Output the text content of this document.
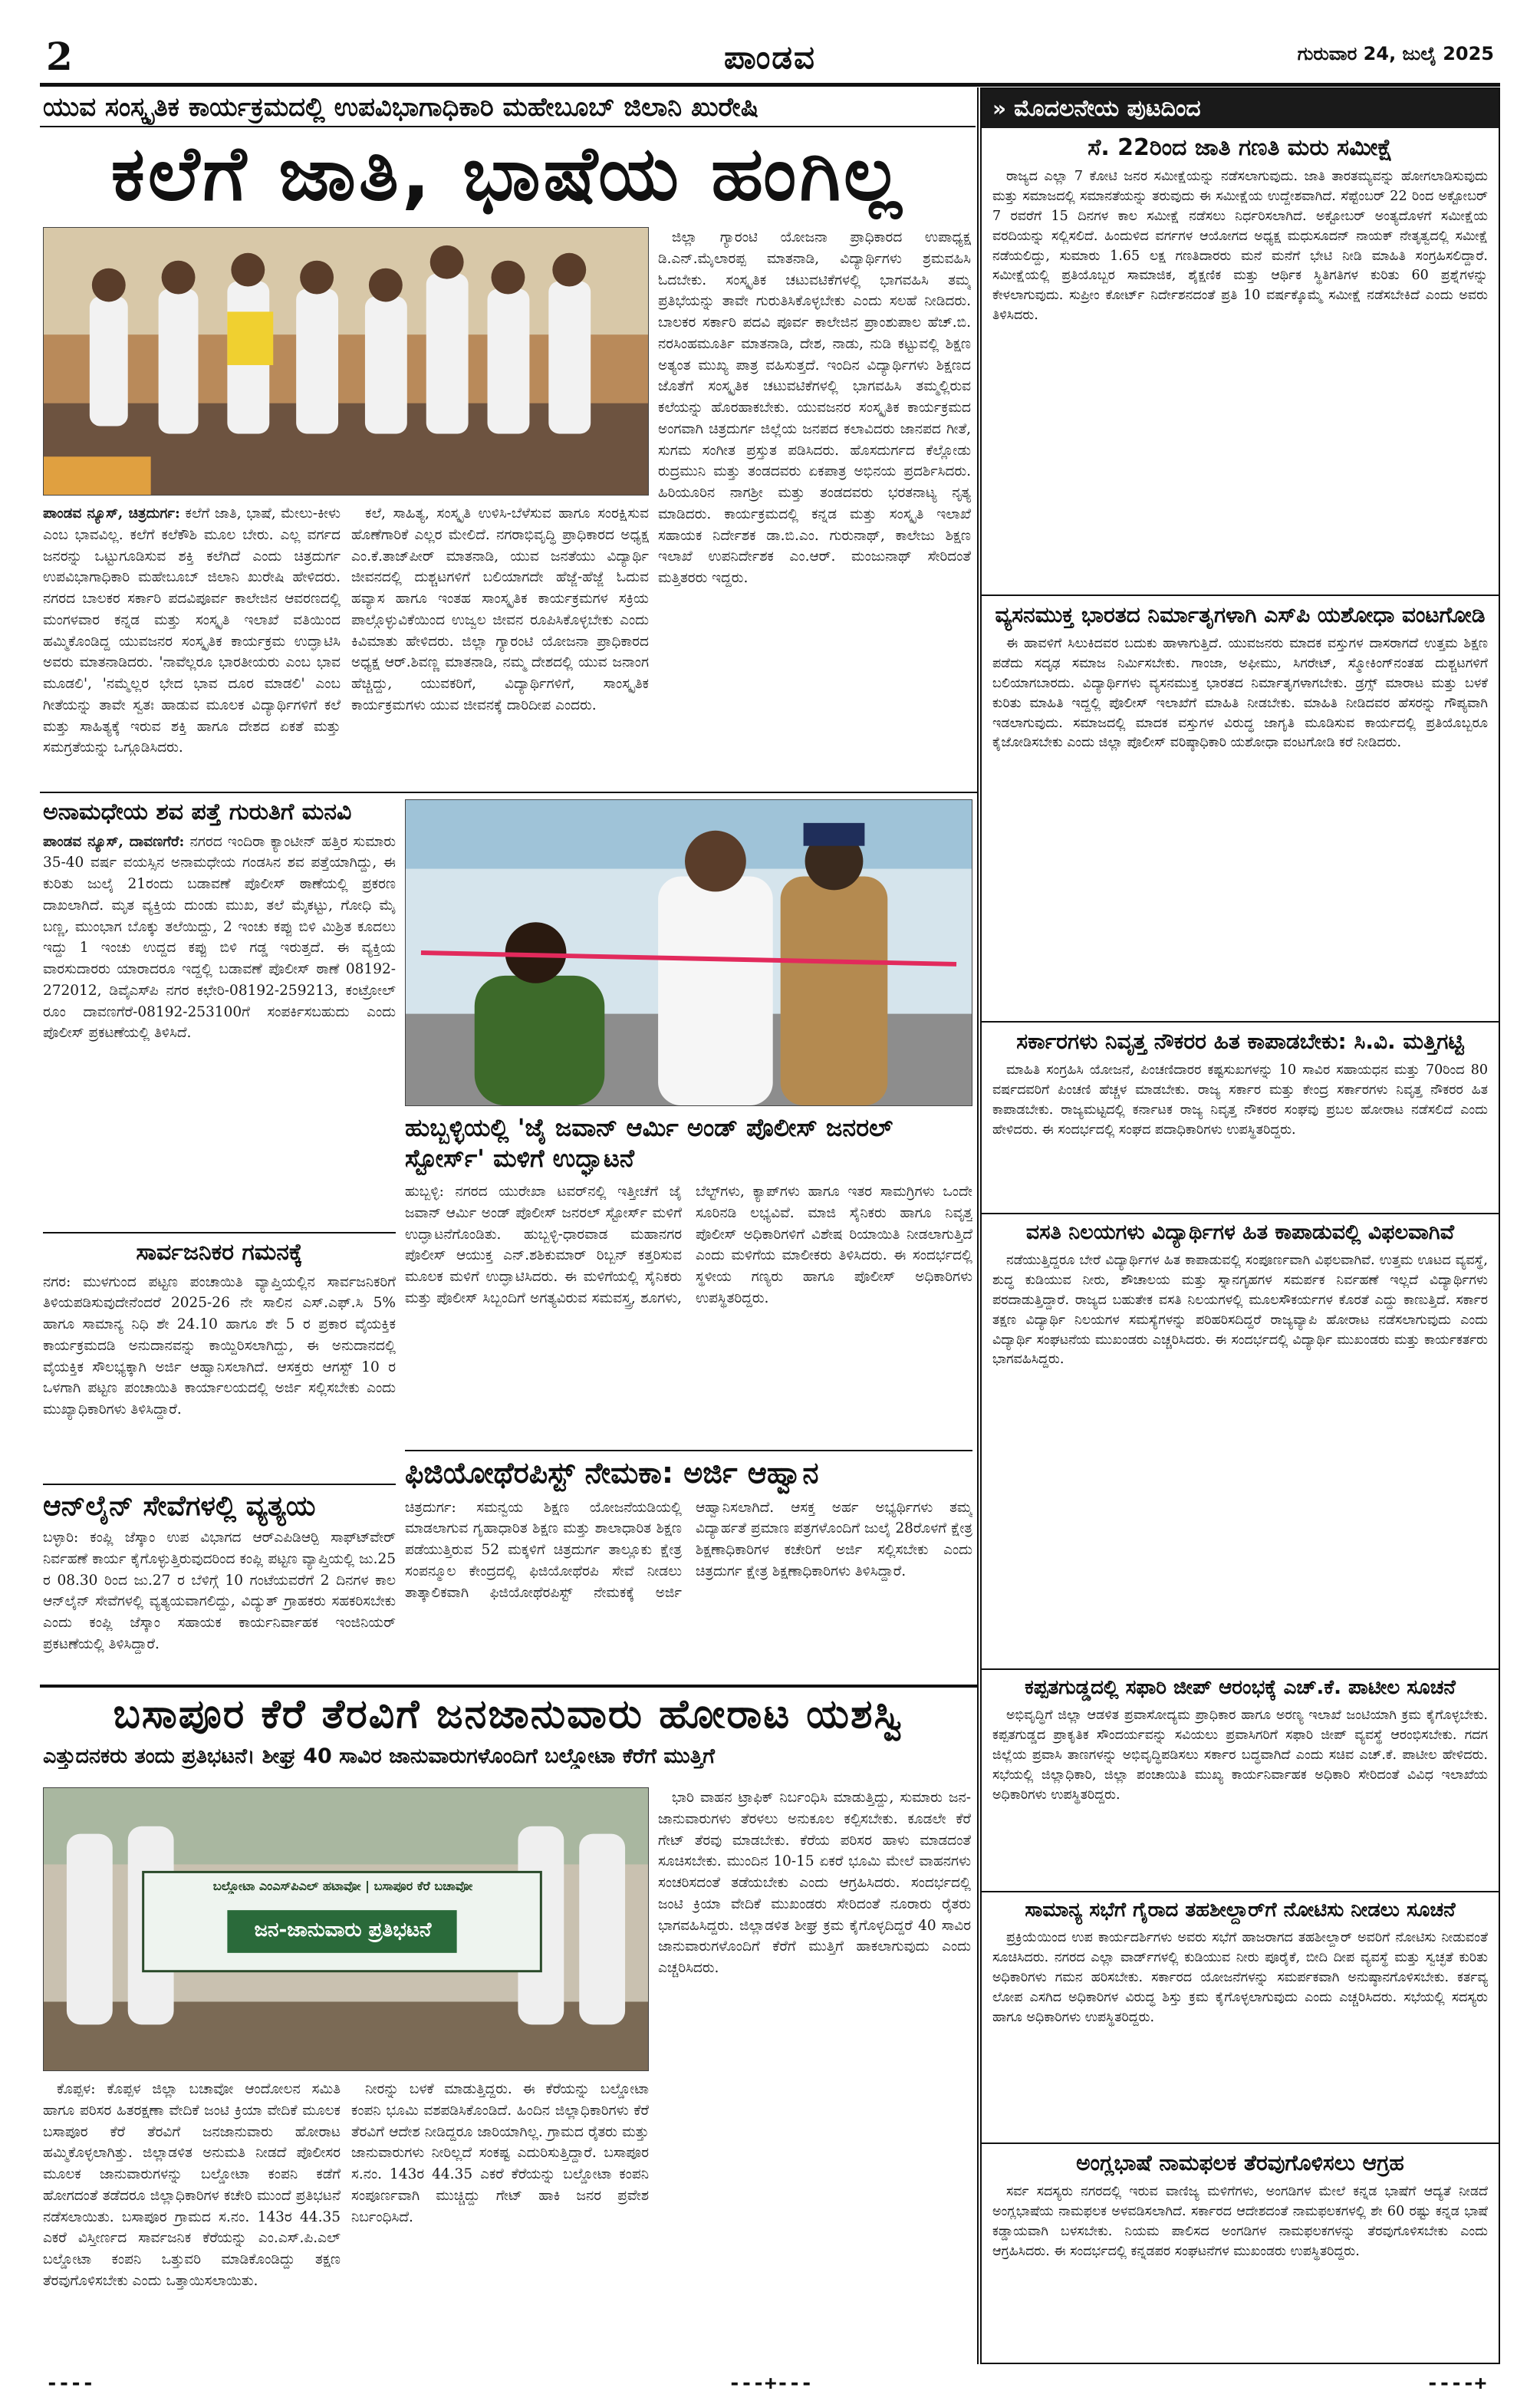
2	ಪಾಂಡವ	ಗುರುವಾರ 24, ಜುಲೈ 2025
ಯುವ ಸಂಸ್ಕೃತಿಕ ಕಾರ್ಯಕ್ರಮದಲ್ಲಿ ಉಪವಿಭಾಗಾಧಿಕಾರಿ ಮಹೇಬೂಬ್ ಜಿಲಾನಿ ಖುರೇಷಿ
ಕಲೆಗೆ ಜಾತಿ, ಭಾಷೆಯ ಹಂಗಿಲ್ಲ

ಜಿಲ್ಲಾ ಗ್ಯಾರಂಟಿ ಯೋಜನಾ ಪ್ರಾಧಿಕಾರದ ಉಪಾಧ್ಯಕ್ಷ ಡಿ.ಎನ್.ಮೈಲಾರಪ್ಪ ಮಾತನಾಡಿ, ವಿದ್ಯಾರ್ಥಿಗಳು ಶ್ರಮವಹಿಸಿ ಓದಬೇಕು. ಸಂಸ್ಕೃತಿಕ ಚಟುವಟಿಕೆಗಳಲ್ಲಿ ಭಾಗವಹಿಸಿ ತಮ್ಮ ಪ್ರತಿಭೆಯನ್ನು ತಾವೇ ಗುರುತಿಸಿಕೊಳ್ಳಬೇಕು ಎಂದು ಸಲಹೆ ನೀಡಿದರು. ಬಾಲಕರ ಸರ್ಕಾರಿ ಪದವಿ ಪೂರ್ವ ಕಾಲೇಜಿನ ಪ್ರಾಂಶುಪಾಲ ಹೆಚ್.ಬಿ. ನರಸಿಂಹಮೂರ್ತಿ ಮಾತನಾಡಿ, ದೇಶ, ನಾಡು, ನುಡಿ ಕಟ್ಟುವಲ್ಲಿ ಶಿಕ್ಷಣ ಅತ್ಯಂತ ಮುಖ್ಯ ಪಾತ್ರ ವಹಿಸುತ್ತದೆ. ಇಂದಿನ ವಿದ್ಯಾರ್ಥಿಗಳು ಶಿಕ್ಷಣದ ಜೊತೆಗೆ ಸಂಸ್ಕೃತಿಕ ಚಟುವಟಿಕೆಗಳಲ್ಲಿ ಭಾಗವಹಿಸಿ ತಮ್ಮಲ್ಲಿರುವ ಕಲೆಯನ್ನು ಹೊರಹಾಕಬೇಕು. ಯುವಜನರ ಸಂಸ್ಕೃತಿಕ ಕಾರ್ಯಕ್ರಮದ ಅಂಗವಾಗಿ ಚಿತ್ರದುರ್ಗ ಜಿಲ್ಲೆಯ ಜನಪದ ಕಲಾವಿದರು ಜಾನಪದ ಗೀತೆ, ಸುಗಮ ಸಂಗೀತ ಪ್ರಸ್ತುತ ಪಡಿಸಿದರು. ಹೊಸದುರ್ಗದ ಕೆಲ್ಲೋಡು ರುದ್ರಮುನಿ ಮತ್ತು ತಂಡದವರು ಏಕಪಾತ್ರ ಅಭಿನಯ ಪ್ರದರ್ಶಿಸಿದರು. ಹಿರಿಯೂರಿನ ನಾಗಶ್ರೀ ಮತ್ತು ತಂಡದವರು ಭರತನಾಟ್ಯ ನೃತ್ಯ ಮಾಡಿದರು. ಕಾರ್ಯಕ್ರಮದಲ್ಲಿ ಕನ್ನಡ ಮತ್ತು ಸಂಸ್ಕೃತಿ ಇಲಾಖೆ ಸಹಾಯಕ ನಿರ್ದೇಶಕ ಡಾ.ಬಿ.ಎಂ. ಗುರುನಾಥ್, ಕಾಲೇಜು ಶಿಕ್ಷಣ ಇಲಾಖೆ ಉಪನಿರ್ದೇಶಕ ಎಂ.ಆರ್. ಮಂಜುನಾಥ್ ಸೇರಿದಂತೆ ಮತ್ತಿತರರು ಇದ್ದರು.

ಪಾಂಡವ ನ್ಯೂಸ್, ಚಿತ್ರದುರ್ಗ: ಕಲೆಗೆ ಜಾತಿ, ಭಾಷೆ, ಮೇಲು-ಕೀಳು ಎಂಬ ಭಾವವಿಲ್ಲ. ಕಲೆಗೆ ಕಲೆಕೌಶಿ ಮೂಲ ಬೇರು. ಎಲ್ಲ ವರ್ಗದ ಜನರನ್ನು ಒಟ್ಟುಗೂಡಿಸುವ ಶಕ್ತಿ ಕಲೆಗಿದೆ ಎಂದು ಚಿತ್ರದುರ್ಗ ಉಪವಿಭಾಗಾಧಿಕಾರಿ ಮಹೇಬೂಬ್ ಜಿಲಾನಿ ಖುರೇಷಿ ಹೇಳಿದರು. ನಗರದ ಬಾಲಕರ ಸರ್ಕಾರಿ ಪದವಿಪೂರ್ವ ಕಾಲೇಜಿನ ಆವರಣದಲ್ಲಿ ಮಂಗಳವಾರ ಕನ್ನಡ ಮತ್ತು ಸಂಸ್ಕೃತಿ ಇಲಾಖೆ ವತಿಯಿಂದ ಹಮ್ಮಿಕೊಂಡಿದ್ದ ಯುವಜನರ ಸಂಸ್ಕೃತಿಕ ಕಾರ್ಯಕ್ರಮ ಉದ್ಘಾಟಿಸಿ ಅವರು ಮಾತನಾಡಿದರು. 'ನಾವೆಲ್ಲರೂ ಭಾರತೀಯರು ಎಂಬ ಭಾವ ಮೂಡಲಿ', 'ನಮ್ಮೆಲ್ಲರ ಭೇದ ಭಾವ ದೂರ ಮಾಡಲಿ' ಎಂಬ ಗೀತೆಯನ್ನು ತಾವೇ ಸ್ವತಃ ಹಾಡುವ ಮೂಲಕ ವಿದ್ಯಾರ್ಥಿಗಳಿಗೆ ಕಲೆ ಮತ್ತು ಸಾಹಿತ್ಯಕ್ಕೆ ಇರುವ ಶಕ್ತಿ ಹಾಗೂ ದೇಶದ ಏಕತೆ ಮತ್ತು ಸಮಗ್ರತೆಯನ್ನು ಒಗ್ಗೂಡಿಸಿದರು.

ಕಲೆ, ಸಾಹಿತ್ಯ, ಸಂಸ್ಕೃತಿ ಉಳಿಸಿ-ಬೆಳೆಸುವ ಹಾಗೂ ಸಂರಕ್ಷಿಸುವ ಹೊಣೆಗಾರಿಕೆ ಎಲ್ಲರ ಮೇಲಿದೆ. ನಗರಾಭಿವೃದ್ಧಿ ಪ್ರಾಧಿಕಾರದ ಅಧ್ಯಕ್ಷ ಎಂ.ಕೆ.ತಾಜ್‌ಪೀರ್ ಮಾತನಾಡಿ, ಯುವ ಜನತೆಯು ವಿದ್ಯಾರ್ಥಿ ಜೀವನದಲ್ಲಿ ದುಶ್ಚಟಗಳಿಗೆ ಬಲಿಯಾಗದೇ ಹೆಜ್ಜೆ-ಹೆಜ್ಜೆ ಓದುವ ಹವ್ಯಾಸ ಹಾಗೂ ಇಂತಹ ಸಾಂಸ್ಕೃತಿಕ ಕಾರ್ಯಕ್ರಮಗಳ ಸಕ್ರಿಯ ಪಾಲ್ಗೊಳ್ಳುವಿಕೆಯಿಂದ ಉಜ್ವಲ ಜೀವನ ರೂಪಿಸಿಕೊಳ್ಳಬೇಕು ಎಂದು ಕಿವಿಮಾತು ಹೇಳಿದರು. ಜಿಲ್ಲಾ ಗ್ಯಾರಂಟಿ ಯೋಜನಾ ಪ್ರಾಧಿಕಾರದ ಅಧ್ಯಕ್ಷ ಆರ್.ಶಿವಣ್ಣ ಮಾತನಾಡಿ, ನಮ್ಮ ದೇಶದಲ್ಲಿ ಯುವ ಜನಾಂಗ ಹೆಚ್ಚಿದ್ದು, ಯುವಕರಿಗೆ, ವಿದ್ಯಾರ್ಥಿಗಳಿಗೆ, ಸಾಂಸ್ಕೃತಿಕ ಕಾರ್ಯಕ್ರಮಗಳು ಯುವ ಜೀವನಕ್ಕೆ ದಾರಿದೀಪ ಎಂದರು.

ಅನಾಮಧೇಯ ಶವ ಪತ್ತೆ ಗುರುತಿಗೆ ಮನವಿ
ಪಾಂಡವ ನ್ಯೂಸ್, ದಾವಣಗೆರೆ: ನಗರದ ಇಂದಿರಾ ಕ್ಯಾಂಟೀನ್ ಹತ್ತಿರ ಸುಮಾರು 35-40 ವರ್ಷ ವಯಸ್ಸಿನ ಅನಾಮಧೇಯ ಗಂಡಸಿನ ಶವ ಪತ್ತೆಯಾಗಿದ್ದು, ಈ ಕುರಿತು ಜುಲೈ 21ರಂದು ಬಡಾವಣೆ ಪೊಲೀಸ್ ಠಾಣೆಯಲ್ಲಿ ಪ್ರಕರಣ ದಾಖಲಾಗಿದೆ. ಮೃತ ವ್ಯಕ್ತಿಯ ದುಂಡು ಮುಖ, ತಲೆ ಮೈಕಟ್ಟು, ಗೋಧಿ ಮೈ ಬಣ್ಣ, ಮುಂಭಾಗ ಬೊಕ್ಕು ತಲೆಯಿದ್ದು, 2 ಇಂಚು ಕಪ್ಪು ಬಿಳಿ ಮಿಶ್ರಿತ ಕೂದಲು ಇದ್ದು 1 ಇಂಚು ಉದ್ದದ ಕಪ್ಪು ಬಿಳಿ ಗಡ್ಡ ಇರುತ್ತದೆ. ಈ ವ್ಯಕ್ತಿಯ ವಾರಸುದಾರರು ಯಾರಾದರೂ ಇದ್ದಲ್ಲಿ ಬಡಾವಣೆ ಪೊಲೀಸ್ ಠಾಣೆ 08192-272012, ಡಿವೈಎಸ್‍ಪಿ ನಗರ ಕಛೇರಿ-08192-259213, ಕಂಟ್ರೋಲ್ ರೂಂ ದಾವಣಗೆರೆ-08192-253100ಗೆ ಸಂಪರ್ಕಿಸಬಹುದು ಎಂದು ಪೊಲೀಸ್ ಪ್ರಕಟಣೆಯಲ್ಲಿ ತಿಳಿಸಿದೆ.
ಸಾರ್ವಜನಿಕರ ಗಮನಕ್ಕೆ
ನಗರ: ಮುಳಗುಂದ ಪಟ್ಟಣ ಪಂಚಾಯಿತಿ ವ್ಯಾಪ್ತಿಯಲ್ಲಿನ ಸಾರ್ವಜನಿಕರಿಗೆ ತಿಳಿಯಪಡಿಸುವುದೇನೆಂದರೆ 2025-26 ನೇ ಸಾಲಿನ ಎಸ್.ಎಫ್.ಸಿ 5% ಹಾಗೂ ಸಾಮಾನ್ಯ ನಿಧಿ ಶೇ 24.10 ಹಾಗೂ ಶೇ 5 ರ ಪ್ರಕಾರ ವೈಯಕ್ತಿಕ ಕಾರ್ಯಕ್ರಮದಡಿ ಅನುದಾನವನ್ನು ಕಾಯ್ದಿರಿಸಲಾಗಿದ್ದು, ಈ ಅನುದಾನದಲ್ಲಿ ವೈಯಕ್ತಿಕ ಸೌಲಭ್ಯಕ್ಕಾಗಿ ಅರ್ಜಿ ಆಹ್ವಾನಿಸಲಾಗಿದೆ. ಆಸಕ್ತರು ಆಗಸ್ಟ್ 10 ರ ಒಳಗಾಗಿ ಪಟ್ಟಣ ಪಂಚಾಯಿತಿ ಕಾರ್ಯಾಲಯದಲ್ಲಿ ಅರ್ಜಿ ಸಲ್ಲಿಸಬೇಕು ಎಂದು ಮುಖ್ಯಾಧಿಕಾರಿಗಳು ತಿಳಿಸಿದ್ದಾರೆ.
ಆನ್‌ಲೈನ್ ಸೇವೆಗಳಲ್ಲಿ ವ್ಯತ್ಯಯ
ಬಳ್ಳಾರಿ: ಕಂಪ್ಲಿ ಜೆಸ್ಕಾಂ ಉಪ ವಿಭಾಗದ ಆರ್‍ಎಪಿಡಿಆರ್‍ಪಿ ಸಾಫ್ಟ್‍ವೇರ್ ನಿರ್ವಹಣೆ ಕಾರ್ಯ ಕೈಗೊಳ್ಳುತ್ತಿರುವುದರಿಂದ ಕಂಪ್ಲಿ ಪಟ್ಟಣ ವ್ಯಾಪ್ತಿಯಲ್ಲಿ ಜು.25 ರ 08.30 ರಿಂದ ಜು.27 ರ ಬೆಳಿಗ್ಗೆ 10 ಗಂಟೆಯವರೆಗೆ 2 ದಿನಗಳ ಕಾಲ ಆನ್‌ಲೈನ್ ಸೇವೆಗಳಲ್ಲಿ ವ್ಯತ್ಯಯವಾಗಲಿದ್ದು, ವಿದ್ಯುತ್ ಗ್ರಾಹಕರು ಸಹಕರಿಸಬೇಕು ಎಂದು ಕಂಪ್ಲಿ ಜೆಸ್ಕಾಂ ಸಹಾಯಕ ಕಾರ್ಯನಿರ್ವಾಹಕ ಇಂಜಿನಿಯರ್ ಪ್ರಕಟಣೆಯಲ್ಲಿ ತಿಳಿಸಿದ್ದಾರೆ.
ಹುಬ್ಬಳ್ಳಿಯಲ್ಲಿ 'ಜೈ ಜವಾನ್ ಆರ್ಮಿ ಅಂಡ್ ಪೊಲೀಸ್ ಜನರಲ್ ಸ್ಟೋರ್ಸ್' ಮಳಿಗೆ ಉದ್ಘಾಟನೆ
ಹುಬ್ಬಳ್ಳಿ: ನಗರದ ಯುರೇಖಾ ಟವರ್‌ನಲ್ಲಿ ಇತ್ತೀಚೆಗೆ ಜೈ ಜವಾನ್ ಆರ್ಮಿ ಅಂಡ್ ಪೊಲೀಸ್ ಜನರಲ್ ಸ್ಟೋರ್ಸ್ ಮಳಿಗೆ ಉದ್ಘಾಟನೆಗೊಂಡಿತು. ಹುಬ್ಬಳ್ಳಿ-ಧಾರವಾಡ ಮಹಾನಗರ ಪೊಲೀಸ್ ಆಯುಕ್ತ ಎನ್.ಶಶಿಕುಮಾರ್ ರಿಬ್ಬನ್ ಕತ್ತರಿಸುವ ಮೂಲಕ ಮಳಿಗೆ ಉದ್ಘಾಟಿಸಿದರು. ಈ ಮಳಿಗೆಯಲ್ಲಿ ಸೈನಿಕರು ಮತ್ತು ಪೊಲೀಸ್ ಸಿಬ್ಬಂದಿಗೆ ಅಗತ್ಯವಿರುವ ಸಮವಸ್ತ್ರ, ಶೂಗಳು, ಬೆಲ್ಟ್‌ಗಳು, ಕ್ಯಾಪ್‌ಗಳು ಹಾಗೂ ಇತರ ಸಾಮಗ್ರಿಗಳು ಒಂದೇ ಸೂರಿನಡಿ ಲಭ್ಯವಿವೆ. ಮಾಜಿ ಸೈನಿಕರು ಹಾಗೂ ನಿವೃತ್ತ ಪೊಲೀಸ್ ಅಧಿಕಾರಿಗಳಿಗೆ ವಿಶೇಷ ರಿಯಾಯಿತಿ ನೀಡಲಾಗುತ್ತಿದೆ ಎಂದು ಮಳಿಗೆಯ ಮಾಲೀಕರು ತಿಳಿಸಿದರು. ಈ ಸಂದರ್ಭದಲ್ಲಿ ಸ್ಥಳೀಯ ಗಣ್ಯರು ಹಾಗೂ ಪೊಲೀಸ್ ಅಧಿಕಾರಿಗಳು ಉಪಸ್ಥಿತರಿದ್ದರು.
ಫಿಜಿಯೋಥೆರಪಿಸ್ಟ್ ನೇಮಕಾ: ಅರ್ಜಿ ಆಹ್ವಾನ
ಚಿತ್ರದುರ್ಗ: ಸಮನ್ವಯ ಶಿಕ್ಷಣ ಯೋಜನೆಯಡಿಯಲ್ಲಿ ಮಾಡಲಾಗುವ ಗೃಹಾಧಾರಿತ ಶಿಕ್ಷಣ ಮತ್ತು ಶಾಲಾಧಾರಿತ ಶಿಕ್ಷಣ ಪಡೆಯುತ್ತಿರುವ 52 ಮಕ್ಕಳಿಗೆ ಚಿತ್ರದುರ್ಗ ತಾಲ್ಲೂಕು ಕ್ಷೇತ್ರ ಸಂಪನ್ಮೂಲ ಕೇಂದ್ರದಲ್ಲಿ ಫಿಜಿಯೋಥೆರಪಿ ಸೇವೆ ನೀಡಲು ತಾತ್ಕಾಲಿಕವಾಗಿ ಫಿಜಿಯೋಥೆರಪಿಸ್ಟ್ ನೇಮಕಕ್ಕೆ ಅರ್ಜಿ ಆಹ್ವಾನಿಸಲಾಗಿದೆ. ಆಸಕ್ತ ಅರ್ಹ ಅಭ್ಯರ್ಥಿಗಳು ತಮ್ಮ ವಿದ್ಯಾರ್ಹತೆ ಪ್ರಮಾಣ ಪತ್ರಗಳೊಂದಿಗೆ ಜುಲೈ 28ರೊಳಗೆ ಕ್ಷೇತ್ರ ಶಿಕ್ಷಣಾಧಿಕಾರಿಗಳ ಕಚೇರಿಗೆ ಅರ್ಜಿ ಸಲ್ಲಿಸಬೇಕು ಎಂದು ಚಿತ್ರದುರ್ಗ ಕ್ಷೇತ್ರ ಶಿಕ್ಷಣಾಧಿಕಾರಿಗಳು ತಿಳಿಸಿದ್ದಾರೆ.
ಬಸಾಪೂರ ಕೆರೆ ತೆರವಿಗೆ ಜನಜಾನುವಾರು ಹೋರಾಟ ಯಶಸ್ವಿ
ಎತ್ತುದನಕರು ತಂದು ಪ್ರತಿಭಟನೆ। ಶೀಘ್ರ 40 ಸಾವಿರ ಜಾನುವಾರುಗಳೊಂದಿಗೆ ಬಲ್ಡೋಟಾ ಕೆರೆಗೆ ಮುತ್ತಿಗೆ
ಬಲ್ಡೋಟಾ ಎಂಎಸ್‌ಪಿಎಲ್ ಹಟಾವೋ | ಬಸಾಪೂರ ಕೆರೆ ಬಚಾವೋ
ಜನ-ಜಾನುವಾರು ಪ್ರತಿಭಟನೆ

ಭಾರಿ ವಾಹನ ಟ್ರಾಫಿಕ್ ನಿರ್ಬಂಧಿಸಿ ಮಾಡುತ್ತಿದ್ದು, ಸುಮಾರು ಜನ-ಜಾನುವಾರುಗಳು ತೆರಳಲು ಅನುಕೂಲ ಕಲ್ಪಿಸಬೇಕು. ಕೂಡಲೇ ಕೆರೆ ಗೇಟ್ ತೆರವು ಮಾಡಬೇಕು. ಕೆರೆಯ ಪರಿಸರ ಹಾಳು ಮಾಡದಂತೆ ಸೂಚಿಸಬೇಕು. ಮುಂದಿನ 10-15 ಏಕರೆ ಭೂಮಿ ಮೇಲೆ ವಾಹನಗಳು ಸಂಚರಿಸದಂತೆ ತಡೆಯಬೇಕು ಎಂದು ಆಗ್ರಹಿಸಿದರು. ಸಂದರ್ಭದಲ್ಲಿ ಜಂಟಿ ಕ್ರಿಯಾ ವೇದಿಕೆ ಮುಖಂಡರು ಸೇರಿದಂತೆ ನೂರಾರು ರೈತರು ಭಾಗವಹಿಸಿದ್ದರು. ಜಿಲ್ಲಾಡಳಿತ ಶೀಘ್ರ ಕ್ರಮ ಕೈಗೊಳ್ಳದಿದ್ದರೆ 40 ಸಾವಿರ ಜಾನುವಾರುಗಳೊಂದಿಗೆ ಕೆರೆಗೆ ಮುತ್ತಿಗೆ ಹಾಕಲಾಗುವುದು ಎಂದು ಎಚ್ಚರಿಸಿದರು.

ಕೊಪ್ಪಳ: ಕೊಪ್ಪಳ ಜಿಲ್ಲಾ ಬಚಾವೋ ಆಂದೋಲನ ಸಮಿತಿ ಹಾಗೂ ಪರಿಸರ ಹಿತರಕ್ಷಣಾ ವೇದಿಕೆ ಜಂಟಿ ಕ್ರಿಯಾ ವೇದಿಕೆ ಮೂಲಕ ಬಸಾಪೂರ ಕೆರೆ ತೆರವಿಗೆ ಜನಜಾನುವಾರು ಹೋರಾಟ ಹಮ್ಮಿಕೊಳ್ಳಲಾಗಿತ್ತು. ಜಿಲ್ಲಾಡಳಿತ ಅನುಮತಿ ನೀಡದೆ ಪೊಲೀಸರ ಮೂಲಕ ಜಾನುವಾರುಗಳನ್ನು ಬಲ್ಡೋಟಾ ಕಂಪನಿ ಕಡೆಗೆ ಹೋಗದಂತೆ ತಡೆದರೂ ಜಿಲ್ಲಾಧಿಕಾರಿಗಳ ಕಚೇರಿ ಮುಂದೆ ಪ್ರತಿಭಟನೆ ನಡೆಸಲಾಯಿತು. ಬಸಾಪೂರ ಗ್ರಾಮದ ಸ.ನಂ. 143ರ 44.35 ಎಕರೆ ವಿಸ್ತೀರ್ಣದ ಸಾರ್ವಜನಿಕ ಕೆರೆಯನ್ನು ಎಂ.ಎಸ್.ಪಿ.ಎಲ್ ಬಲ್ಡೋಟಾ ಕಂಪನಿ ಒತ್ತುವರಿ ಮಾಡಿಕೊಂಡಿದ್ದು ತಕ್ಷಣ ತೆರವುಗೊಳಿಸಬೇಕು ಎಂದು ಒತ್ತಾಯಿಸಲಾಯಿತು.

ನೀರನ್ನು ಬಳಕೆ ಮಾಡುತ್ತಿದ್ದರು. ಈ ಕೆರೆಯನ್ನು ಬಲ್ಡೋಟಾ ಕಂಪನಿ ಭೂಮಿ ವಶಪಡಿಸಿಕೊಂಡಿದೆ. ಹಿಂದಿನ ಜಿಲ್ಲಾಧಿಕಾರಿಗಳು ಕೆರೆ ತೆರವಿಗೆ ಆದೇಶ ನೀಡಿದ್ದರೂ ಜಾರಿಯಾಗಿಲ್ಲ. ಗ್ರಾಮದ ರೈತರು ಮತ್ತು ಜಾನುವಾರುಗಳು ನೀರಿಲ್ಲದೆ ಸಂಕಷ್ಟ ಎದುರಿಸುತ್ತಿದ್ದಾರೆ. ಬಸಾಪೂರ ಸ.ನಂ. 143ರ 44.35 ಎಕರೆ ಕೆರೆಯನ್ನು ಬಲ್ಡೋಟಾ ಕಂಪನಿ ಸಂಪೂರ್ಣವಾಗಿ ಮುಚ್ಚಿದ್ದು ಗೇಟ್ ಹಾಕಿ ಜನರ ಪ್ರವೇಶ ನಿರ್ಬಂಧಿಸಿದೆ.

» ಮೊದಲನೇಯ ಪುಟದಿಂದ
ಸೆ. 22ರಿಂದ ಜಾತಿ ಗಣತಿ ಮರು ಸಮೀಕ್ಷೆ

ರಾಜ್ಯದ ಎಲ್ಲಾ 7 ಕೋಟಿ ಜನರ ಸಮೀಕ್ಷೆಯನ್ನು ನಡೆಸಲಾಗುವುದು. ಜಾತಿ ತಾರತಮ್ಯವನ್ನು ಹೋಗಲಾಡಿಸುವುದು ಮತ್ತು ಸಮಾಜದಲ್ಲಿ ಸಮಾನತೆಯನ್ನು ತರುವುದು ಈ ಸಮೀಕ್ಷೆಯ ಉದ್ದೇಶವಾಗಿದೆ. ಸೆಪ್ಟೆಂಬರ್ 22 ರಿಂದ ಅಕ್ಟೋಬರ್ 7 ರವರೆಗೆ 15 ದಿನಗಳ ಕಾಲ ಸಮೀಕ್ಷೆ ನಡೆಸಲು ನಿರ್ಧರಿಸಲಾಗಿದೆ. ಅಕ್ಟೋಬರ್ ಅಂತ್ಯದೊಳಗೆ ಸಮೀಕ್ಷೆಯ ವರದಿಯನ್ನು ಸಲ್ಲಿಸಲಿದೆ. ಹಿಂದುಳಿದ ವರ್ಗಗಳ ಆಯೋಗದ ಅಧ್ಯಕ್ಷ ಮಧುಸೂದನ್ ನಾಯಕ್ ನೇತೃತ್ವದಲ್ಲಿ ಸಮೀಕ್ಷೆ ನಡೆಯಲಿದ್ದು, ಸುಮಾರು 1.65 ಲಕ್ಷ ಗಣತಿದಾರರು ಮನೆ ಮನೆಗೆ ಭೇಟಿ ನೀಡಿ ಮಾಹಿತಿ ಸಂಗ್ರಹಿಸಲಿದ್ದಾರೆ. ಸಮೀಕ್ಷೆಯಲ್ಲಿ ಪ್ರತಿಯೊಬ್ಬರ ಸಾಮಾಜಿಕ, ಶೈಕ್ಷಣಿಕ ಮತ್ತು ಆರ್ಥಿಕ ಸ್ಥಿತಿಗತಿಗಳ ಕುರಿತು 60 ಪ್ರಶ್ನೆಗಳನ್ನು ಕೇಳಲಾಗುವುದು. ಸುಪ್ರೀಂ ಕೋರ್ಟ್ ನಿರ್ದೇಶನದಂತೆ ಪ್ರತಿ 10 ವರ್ಷಕ್ಕೊಮ್ಮೆ ಸಮೀಕ್ಷೆ ನಡೆಸಬೇಕಿದೆ ಎಂದು ಅವರು ತಿಳಿಸಿದರು.

ವ್ಯಸನಮುಕ್ತ ಭಾರತದ ನಿರ್ಮಾತೃಗಳಾಗಿ ಎಸ್‌ಪಿ ಯಶೋಧಾ ವಂಟಗೋಡಿ

ಈ ಹಾವಳಿಗೆ ಸಿಲುಕಿದವರ ಬದುಕು ಹಾಳಾಗುತ್ತಿದೆ. ಯುವಜನರು ಮಾದಕ ವಸ್ತುಗಳ ದಾಸರಾಗದೆ ಉತ್ತಮ ಶಿಕ್ಷಣ ಪಡೆದು ಸದೃಢ ಸಮಾಜ ನಿರ್ಮಿಸಬೇಕು. ಗಾಂಜಾ, ಅಫೀಮು, ಸಿಗರೇಟ್, ಸ್ಮೋಕಿಂಗ್‌ನಂತಹ ದುಶ್ಚಟಗಳಿಗೆ ಬಲಿಯಾಗಬಾರದು. ವಿದ್ಯಾರ್ಥಿಗಳು ವ್ಯಸನಮುಕ್ತ ಭಾರತದ ನಿರ್ಮಾತೃಗಳಾಗಬೇಕು. ಡ್ರಗ್ಸ್ ಮಾರಾಟ ಮತ್ತು ಬಳಕೆ ಕುರಿತು ಮಾಹಿತಿ ಇದ್ದಲ್ಲಿ ಪೊಲೀಸ್ ಇಲಾಖೆಗೆ ಮಾಹಿತಿ ನೀಡಬೇಕು. ಮಾಹಿತಿ ನೀಡಿದವರ ಹೆಸರನ್ನು ಗೌಪ್ಯವಾಗಿ ಇಡಲಾಗುವುದು. ಸಮಾಜದಲ್ಲಿ ಮಾದಕ ವಸ್ತುಗಳ ವಿರುದ್ಧ ಜಾಗೃತಿ ಮೂಡಿಸುವ ಕಾರ್ಯದಲ್ಲಿ ಪ್ರತಿಯೊಬ್ಬರೂ ಕೈಜೋಡಿಸಬೇಕು ಎಂದು ಜಿಲ್ಲಾ ಪೊಲೀಸ್ ವರಿಷ್ಠಾಧಿಕಾರಿ ಯಶೋಧಾ ವಂಟಗೋಡಿ ಕರೆ ನೀಡಿದರು.

ಸರ್ಕಾರಗಳು ನಿವೃತ್ತ ನೌಕರರ ಹಿತ ಕಾಪಾಡಬೇಕು: ಸಿ.ವಿ. ಮತ್ತಿಗಟ್ಟಿ

ಮಾಹಿತಿ ಸಂಗ್ರಹಿಸಿ ಯೋಜನೆ, ಪಿಂಚಣಿದಾರರ ಕಷ್ಟಸುಖಗಳನ್ನು 10 ಸಾವಿರ ಸಹಾಯಧನ ಮತ್ತು 70ರಿಂದ 80 ವರ್ಷದವರಿಗೆ ಪಿಂಚಣಿ ಹೆಚ್ಚಳ ಮಾಡಬೇಕು. ರಾಜ್ಯ ಸರ್ಕಾರ ಮತ್ತು ಕೇಂದ್ರ ಸರ್ಕಾರಗಳು ನಿವೃತ್ತ ನೌಕರರ ಹಿತ ಕಾಪಾಡಬೇಕು. ರಾಜ್ಯಮಟ್ಟದಲ್ಲಿ ಕರ್ನಾಟಕ ರಾಜ್ಯ ನಿವೃತ್ತ ನೌಕರರ ಸಂಘವು ಪ್ರಬಲ ಹೋರಾಟ ನಡೆಸಲಿದೆ ಎಂದು ಹೇಳಿದರು. ಈ ಸಂದರ್ಭದಲ್ಲಿ ಸಂಘದ ಪದಾಧಿಕಾರಿಗಳು ಉಪಸ್ಥಿತರಿದ್ದರು.

ವಸತಿ ನಿಲಯಗಳು ವಿದ್ಯಾರ್ಥಿಗಳ ಹಿತ ಕಾಪಾಡುವಲ್ಲಿ ವಿಫಲವಾಗಿವೆ

ನಡೆಯುತ್ತಿದ್ದರೂ ಬೇರೆ ವಿದ್ಯಾರ್ಥಿಗಳ ಹಿತ ಕಾಪಾಡುವಲ್ಲಿ ಸಂಪೂರ್ಣವಾಗಿ ವಿಫಲವಾಗಿವೆ. ಉತ್ತಮ ಊಟದ ವ್ಯವಸ್ಥೆ, ಶುದ್ಧ ಕುಡಿಯುವ ನೀರು, ಶೌಚಾಲಯ ಮತ್ತು ಸ್ನಾನಗೃಹಗಳ ಸಮರ್ಪಕ ನಿರ್ವಹಣೆ ಇಲ್ಲದೆ ವಿದ್ಯಾರ್ಥಿಗಳು ಪರದಾಡುತ್ತಿದ್ದಾರೆ. ರಾಜ್ಯದ ಬಹುತೇಕ ವಸತಿ ನಿಲಯಗಳಲ್ಲಿ ಮೂಲಸೌಕರ್ಯಗಳ ಕೊರತೆ ಎದ್ದು ಕಾಣುತ್ತಿದೆ. ಸರ್ಕಾರ ತಕ್ಷಣ ವಿದ್ಯಾರ್ಥಿ ನಿಲಯಗಳ ಸಮಸ್ಯೆಗಳನ್ನು ಪರಿಹರಿಸದಿದ್ದರೆ ರಾಜ್ಯವ್ಯಾಪಿ ಹೋರಾಟ ನಡೆಸಲಾಗುವುದು ಎಂದು ವಿದ್ಯಾರ್ಥಿ ಸಂಘಟನೆಯ ಮುಖಂಡರು ಎಚ್ಚರಿಸಿದರು. ಈ ಸಂದರ್ಭದಲ್ಲಿ ವಿದ್ಯಾರ್ಥಿ ಮುಖಂಡರು ಮತ್ತು ಕಾರ್ಯಕರ್ತರು ಭಾಗವಹಿಸಿದ್ದರು.

ಕಪ್ಪತಗುಡ್ಡದಲ್ಲಿ ಸಫಾರಿ ಜೀಪ್ ಆರಂಭಕ್ಕೆ ಎಚ್.ಕೆ. ಪಾಟೀಲ ಸೂಚನೆ

ಅಭಿವೃದ್ಧಿಗೆ ಜಿಲ್ಲಾ ಆಡಳಿತ ಪ್ರವಾಸೋದ್ಯಮ ಪ್ರಾಧಿಕಾರ ಹಾಗೂ ಅರಣ್ಯ ಇಲಾಖೆ ಜಂಟಿಯಾಗಿ ಕ್ರಮ ಕೈಗೊಳ್ಳಬೇಕು. ಕಪ್ಪತಗುಡ್ಡದ ಪ್ರಾಕೃತಿಕ ಸೌಂದರ್ಯವನ್ನು ಸವಿಯಲು ಪ್ರವಾಸಿಗರಿಗೆ ಸಫಾರಿ ಜೀಪ್ ವ್ಯವಸ್ಥೆ ಆರಂಭಿಸಬೇಕು. ಗದಗ ಜಿಲ್ಲೆಯ ಪ್ರವಾಸಿ ತಾಣಗಳನ್ನು ಅಭಿವೃದ್ಧಿಪಡಿಸಲು ಸರ್ಕಾರ ಬದ್ಧವಾಗಿದೆ ಎಂದು ಸಚಿವ ಎಚ್.ಕೆ. ಪಾಟೀಲ ಹೇಳಿದರು. ಸಭೆಯಲ್ಲಿ ಜಿಲ್ಲಾಧಿಕಾರಿ, ಜಿಲ್ಲಾ ಪಂಚಾಯಿತಿ ಮುಖ್ಯ ಕಾರ್ಯನಿರ್ವಾಹಕ ಅಧಿಕಾರಿ ಸೇರಿದಂತೆ ವಿವಿಧ ಇಲಾಖೆಯ ಅಧಿಕಾರಿಗಳು ಉಪಸ್ಥಿತರಿದ್ದರು.

ಸಾಮಾನ್ಯ ಸಭೆಗೆ ಗೈರಾದ ತಹಶೀಲ್ದಾರ್‌ಗೆ ನೋಟಿಸು ನೀಡಲು ಸೂಚನೆ

ಪ್ರಕ್ರಿಯೆಯಿಂದ ಉಪ ಕಾರ್ಯದರ್ಶಿಗಳು ಅವರು ಸಭೆಗೆ ಹಾಜರಾಗದ ತಹಶೀಲ್ದಾರ್ ಅವರಿಗೆ ನೋಟಿಸು ನೀಡುವಂತೆ ಸೂಚಿಸಿದರು. ನಗರದ ಎಲ್ಲಾ ವಾರ್ಡ್‌ಗಳಲ್ಲಿ ಕುಡಿಯುವ ನೀರು ಪೂರೈಕೆ, ಬೀದಿ ದೀಪ ವ್ಯವಸ್ಥೆ ಮತ್ತು ಸ್ವಚ್ಛತೆ ಕುರಿತು ಅಧಿಕಾರಿಗಳು ಗಮನ ಹರಿಸಬೇಕು. ಸರ್ಕಾರದ ಯೋಜನೆಗಳನ್ನು ಸಮರ್ಪಕವಾಗಿ ಅನುಷ್ಠಾನಗೊಳಿಸಬೇಕು. ಕರ್ತವ್ಯ ಲೋಪ ಎಸಗಿದ ಅಧಿಕಾರಿಗಳ ವಿರುದ್ಧ ಶಿಸ್ತು ಕ್ರಮ ಕೈಗೊಳ್ಳಲಾಗುವುದು ಎಂದು ಎಚ್ಚರಿಸಿದರು. ಸಭೆಯಲ್ಲಿ ಸದಸ್ಯರು ಹಾಗೂ ಅಧಿಕಾರಿಗಳು ಉಪಸ್ಥಿತರಿದ್ದರು.

ಅಂಗ್ಲಭಾಷೆ ನಾಮಫಲಕ ತೆರವುಗೊಳಿಸಲು ಆಗ್ರಹ

ಸರ್ವ ಸದಸ್ಯರು ನಗರದಲ್ಲಿ ಇರುವ ವಾಣಿಜ್ಯ ಮಳಿಗೆಗಳು, ಅಂಗಡಿಗಳ ಮೇಲೆ ಕನ್ನಡ ಭಾಷೆಗೆ ಆದ್ಯತೆ ನೀಡದೆ ಅಂಗ್ಲಭಾಷೆಯ ನಾಮಫಲಕ ಅಳವಡಿಸಲಾಗಿದೆ. ಸರ್ಕಾರದ ಆದೇಶದಂತೆ ನಾಮಫಲಕಗಳಲ್ಲಿ ಶೇ 60 ರಷ್ಟು ಕನ್ನಡ ಭಾಷೆ ಕಡ್ಡಾಯವಾಗಿ ಬಳಸಬೇಕು. ನಿಯಮ ಪಾಲಿಸದ ಅಂಗಡಿಗಳ ನಾಮಫಲಕಗಳನ್ನು ತೆರವುಗೊಳಿಸಬೇಕು ಎಂದು ಆಗ್ರಹಿಸಿದರು. ಈ ಸಂದರ್ಭದಲ್ಲಿ ಕನ್ನಡಪರ ಸಂಘಟನೆಗಳ ಮುಖಂಡರು ಉಪಸ್ಥಿತರಿದ್ದರು.

----	---+---	----+
